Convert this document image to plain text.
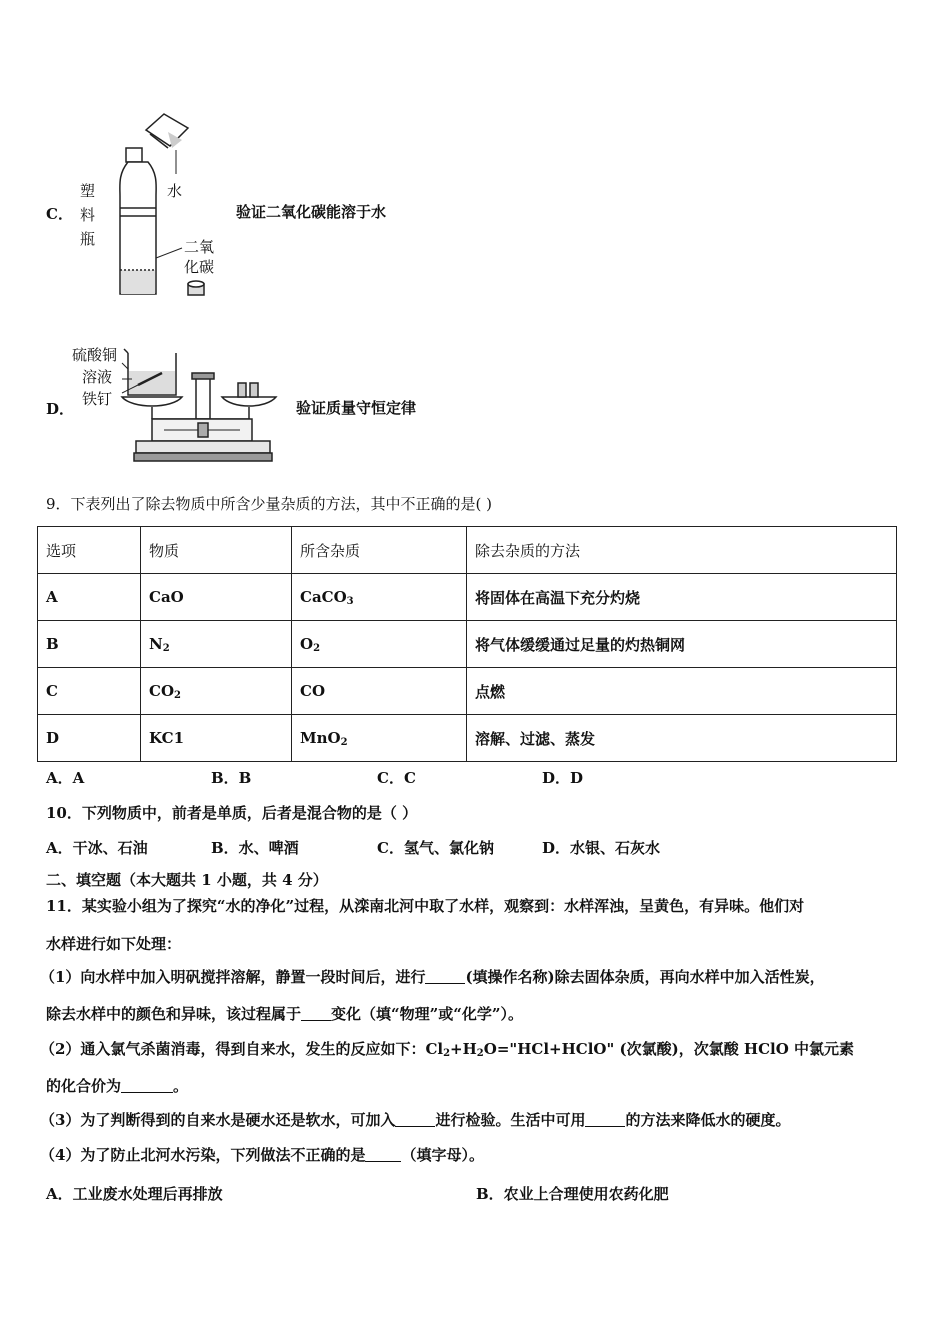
C．
塑
料
瓶
水
二氧
化碳
验证二氧化碳能溶于水
D．
硫酸铜
溶液
铁钉	验证质量守恒定律
9．下表列出了除去物质中所含少量杂质的方法，其中不正确的是( )
选项	物质	所含杂质	除去杂质的方法
A	CaO	CaCO$_3$	将固体在高温下充分灼烧
B	$N_2$	$O_2$	将气体缓缓通过足量的灼热铜网
C	$CO_2$	CO	点燃
D	KC1	MnO$_2$	溶解、过滤、蒸发
A．A	B．B	C．C	D．D
10．下列物质中，前者是单质，后者是混合物的是（ ）
A．干冰、石油	B．水、啤酒	C．氢气、氯化钠	D．水银、石灰水
二、填空题（本大题共 1 小题，共 4 分）
11．某实验小组为了探究“水的净化”过程，从滦南北河中取了水样，观察到：水样浑浊，呈黄色，有异味。他们对
水样进行如下处理：
（1）向水样中加入明矾搅拌溶解，静置一段时间后，进行	(填操作名称)除去固体杂质，再向水样中加入活性炭，
除去水样中的颜色和异味，该过程属于 变化（填“物理”或“化学”）。
（2）通入氯气杀菌消毒，得到自来水，发生的反应如下：$Cl_2+H_2O="HCl+HClO$" (次氯酸)，次氯酸 HClO 中氯元素
的化合价为	。
（3）为了判断得到的自来水是硬水还是软水，可加入	进行检验。生活中可用	的方法来降低水的硬度。
（4）为了防止北河水污染，下列做法不正确的是 （填字母）。
A．工业废水处理后再排放	B．农业上合理使用农药化肥
